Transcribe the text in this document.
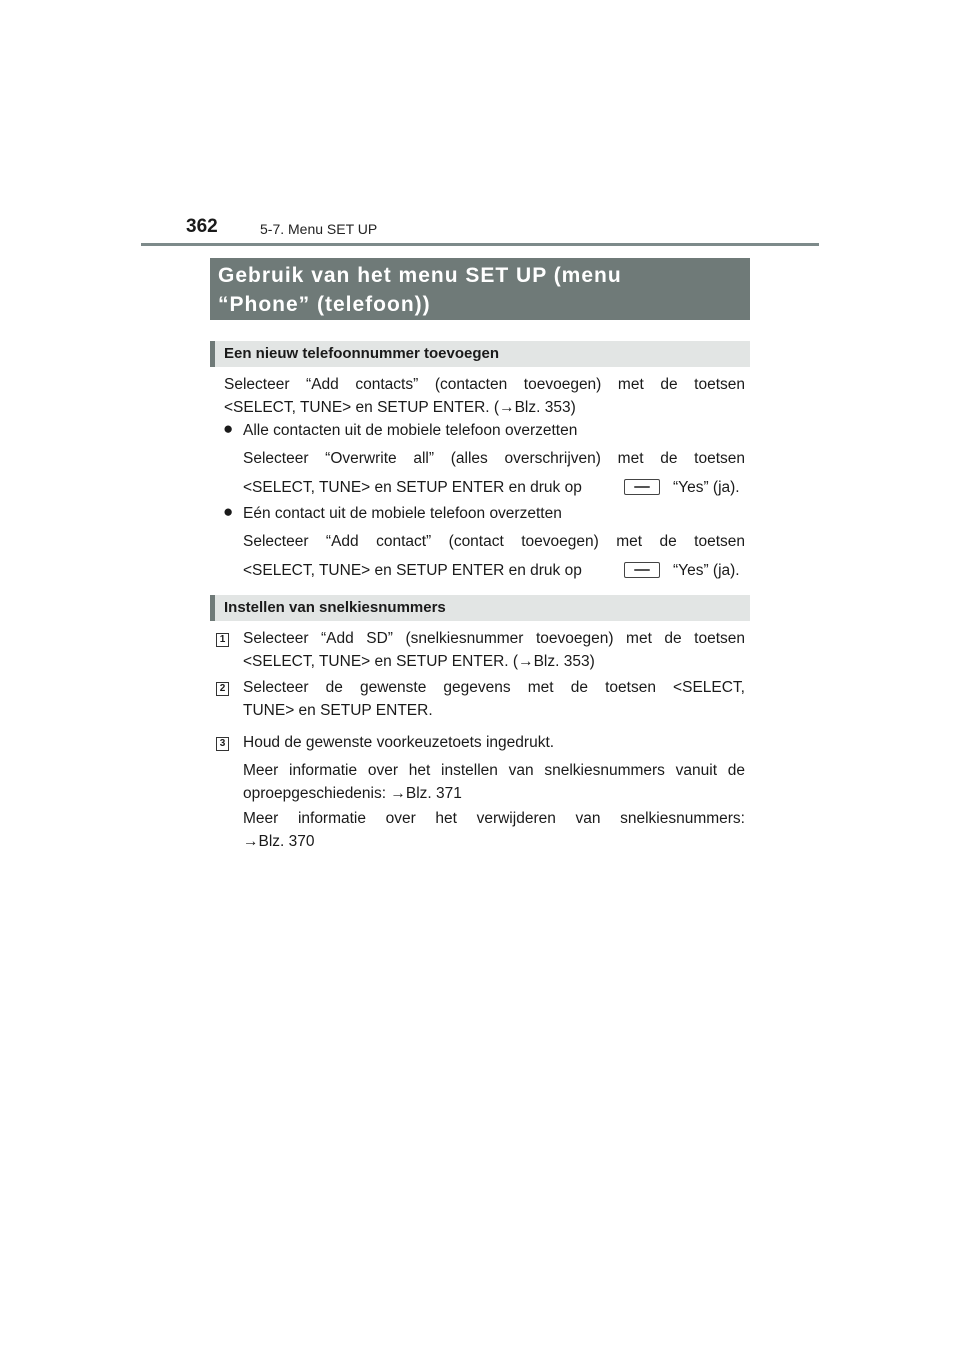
362	5-7. Menu SET UP
Gebruik van het menu SET UP (menu
“Phone” (telefoon))
Een nieuw telefoonnummer toevoegen
Selecteer “Add contacts” (contacten toevoegen) met de toetsen
<SELECT, TUNE> en SETUP ENTER. (→Blz. 353)
● Alle contacten uit de mobiele telefoon overzetten
Selecteer “Overwrite all” (alles overschrijven) met de toetsen
<SELECT, TUNE> en SETUP ENTER en druk op	“Yes” (ja).
● Eén contact uit de mobiele telefoon overzetten
Selecteer “Add contact” (contact toevoegen) met de toetsen
<SELECT, TUNE> en SETUP ENTER en druk op	“Yes” (ja).
Instellen van snelkiesnummers
1 Selecteer “Add SD” (snelkiesnummer toevoegen) met de toetsen
<SELECT, TUNE> en SETUP ENTER. (→Blz. 353)
2 Selecteer de gewenste gegevens met de toetsen <SELECT,
TUNE> en SETUP ENTER.
3 Houd de gewenste voorkeuzetoets ingedrukt.
Meer informatie over het instellen van snelkiesnummers vanuit de
oproepgeschiedenis: →Blz. 371
Meer informatie over het verwijderen van snelkiesnummers:
→Blz. 370
